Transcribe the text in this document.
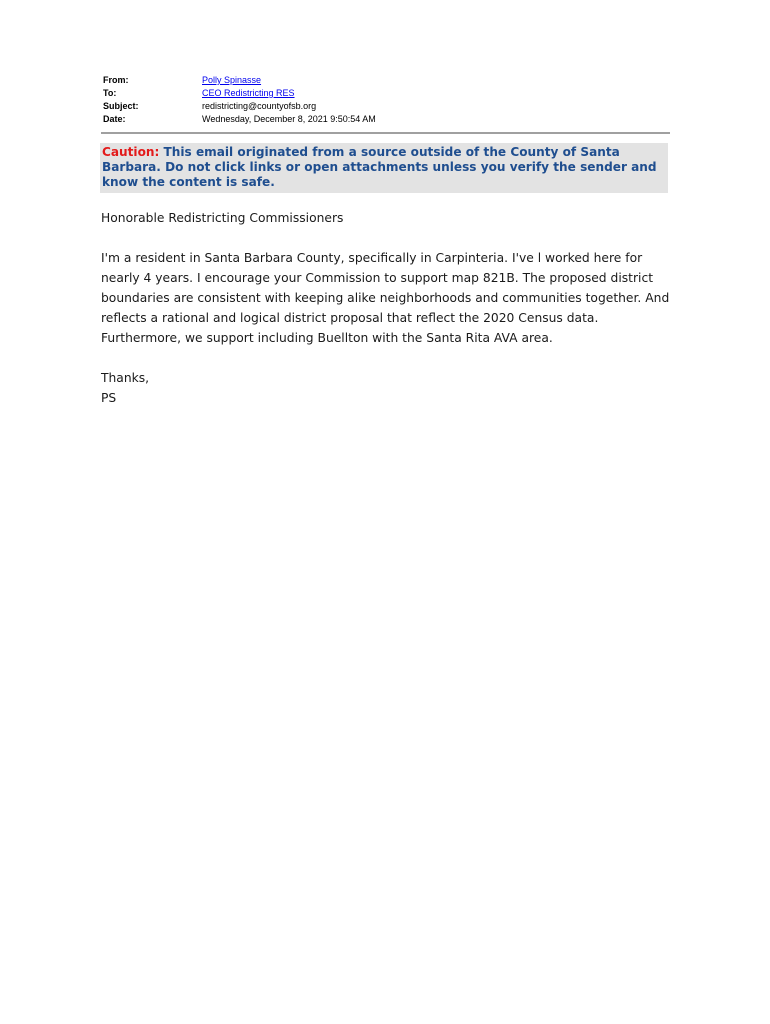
From:	Polly Spinasse
To:	CEO Redistricting RES
Subject:	redistricting@countyofsb.org
Date:	Wednesday, December 8, 2021 9:50:54 AM
Caution: This email originated from a source outside of the County of Santa Barbara. Do not click links or open attachments unless you verify the sender and know the content is safe.

Honorable Redistricting Commissioners

I'm a resident in Santa Barbara County, specifically in Carpinteria. I've l worked here for nearly 4 years. I encourage your Commission to support map 821B. The proposed district boundaries are consistent with keeping alike neighborhoods and communities together. And reflects a rational and logical district proposal that reflect the 2020 Census data. Furthermore, we support including Buellton with the Santa Rita AVA area.

Thanks,

PS
